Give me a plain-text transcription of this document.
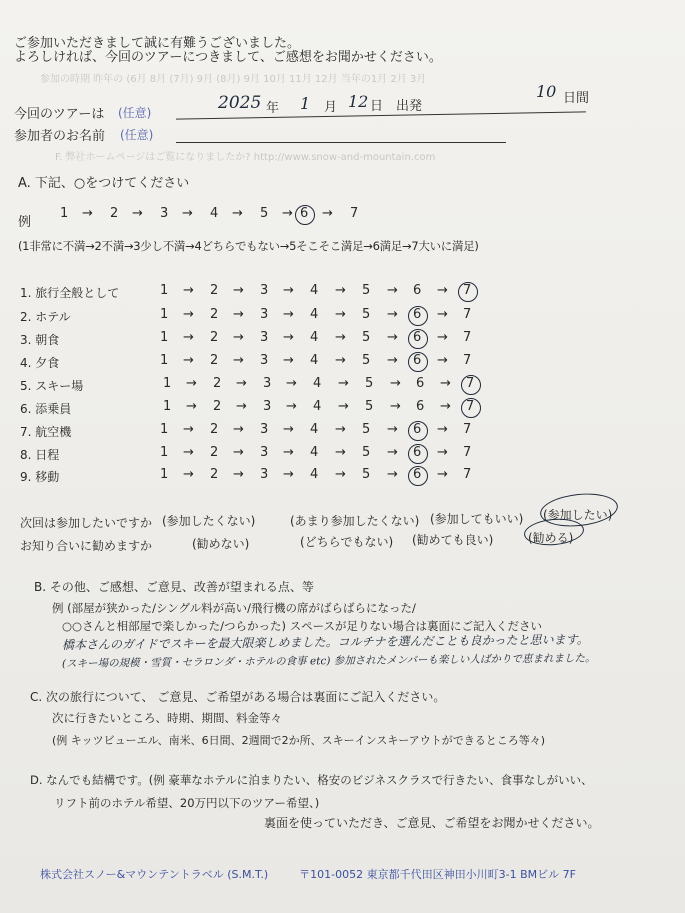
参加の時期 昨年の (6月 8月 (7月) 9月 (8月) 9月 10月 11月 12月 当年の1月 2月 3月
F. 弊社ホームページはご覧になりましたか? http://www.snow-and-mountain.com
ご参加いただきまして誠に有難うございました。
よろしければ、今回のツアーにつきまして、ご感想をお聞かせください。
今回のツアーは (任意)	2025 年 1 月 12 日 出発
10 日間
参加者のお名前 (任意)
A. 下記、○をつけてください
例
1 → 2 → 3 → 4 → 5 → 6 → 7
(1非常に不満→2不満→3少し不満→4どちらでもない→5そこそこ満足→6満足→7大いに満足)
1. 旅行全般として	1 → 2 → 3 → 4 → 5 → 6 → 7
2. ホテル	1 → 2 → 3 → 4 → 5 → 6 → 7
3. 朝食	1 → 2 → 3 → 4 → 5 → 6 → 7
4. 夕食	1 → 2 → 3 → 4 → 5 → 6 → 7
5. スキー場	1 → 2 → 3 → 4 → 5 → 6 → 7
6. 添乗員	1 → 2 → 3 → 4 → 5 → 6 → 7
7. 航空機	1 → 2 → 3 → 4 → 5 → 6 → 7
8. 日程	1 → 2 → 3 → 4 → 5 → 6 → 7
9. 移動	1 → 2 → 3 → 4 → 5 → 6 → 7
次回は参加したいですか (参加したくない)	(あまり参加したくない) (参加してもいい) (参加したい)
お知り合いに勧めますか	(勧めない)	(どちらでもない) (勧めても良い)	(勧める)
B. その他、ご感想、ご意見、改善が望まれる点、等
例 (部屋が狭かった/シングル料が高い/飛行機の席がばらばらになった/
○○さんと相部屋で楽しかった/つらかった) スペースが足りない場合は裏面にご記入ください
橋本さんのガイドでスキーを最大限楽しめました。コルチナを選んだことも良かったと思います。
(スキー場の規模・雪質・セラロンダ・ホテルの食事 etc) 参加されたメンバーも楽しい人ばかりで恵まれました。
C. 次の旅行について、 ご意見、ご希望がある場合は裏面にご記入ください。
次に行きたいところ、時期、期間、料金等々
(例 キッツビューエル、南米、6日間、2週間で2か所、スキーインスキーアウトができるところ等々)
D. なんでも結構です。(例 豪華なホテルに泊まりたい、格安のビジネスクラスで行きたい、食事なしがいい、
リフト前のホテル希望、20万円以下のツアー希望、)
裏面を使っていただき、ご意見、ご希望をお聞かせください。
株式会社スノー&マウンテントラベル (S.M.T.)	〒101-0052 東京都千代田区神田小川町3-1 BMビル 7F
